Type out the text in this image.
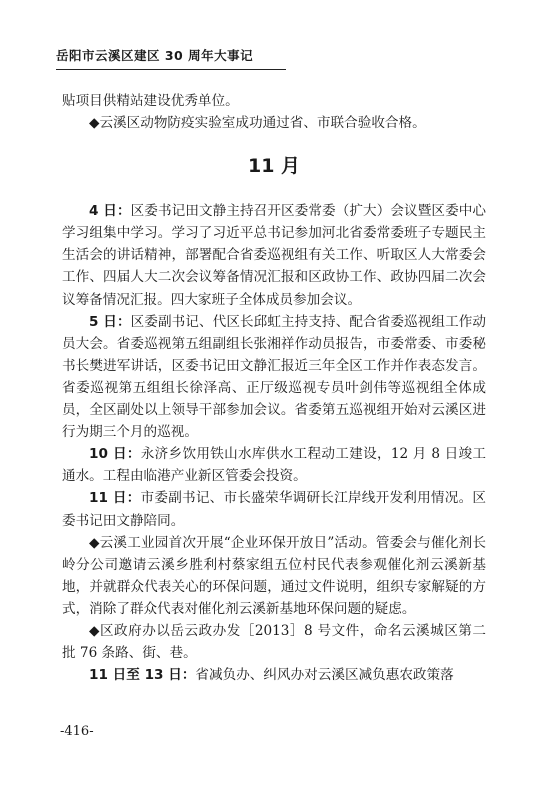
岳阳市云溪区建区 30 周年大事记

贴项目供精站建设优秀单位。

◆云溪区动物防疫实验室成功通过省、市联合验收合格。

11 月

4 日：区委书记田文静主持召开区委常委（扩大）会议暨区委中心学习组集中学习。学习了习近平总书记参加河北省委常委班子专题民主生活会的讲话精神，部署配合省委巡视组有关工作、听取区人大常委会工作、四届人大二次会议筹备情况汇报和区政协工作、政协四届二次会议筹备情况汇报。四大家班子全体成员参加会议。

5 日：区委副书记、代区长邱虹主持支持、配合省委巡视组工作动员大会。省委巡视第五组副组长张湘祥作动员报告，市委常委、市委秘书长樊进军讲话，区委书记田文静汇报近三年全区工作并作表态发言。省委巡视第五组组长徐泽高、正厅级巡视专员叶剑伟等巡视组全体成员，全区副处以上领导干部参加会议。省委第五巡视组开始对云溪区进行为期三个月的巡视。

10 日：永济乡饮用铁山水库供水工程动工建设，12 月 8 日竣工通水。工程由临港产业新区管委会投资。

11 日：市委副书记、市长盛荣华调研长江岸线开发利用情况。区委书记田文静陪同。

◆云溪工业园首次开展“企业环保开放日”活动。管委会与催化剂长岭分公司邀请云溪乡胜利村蔡家组五位村民代表参观催化剂云溪新基地，并就群众代表关心的环保问题，通过文件说明，组织专家解疑的方式，消除了群众代表对催化剂云溪新基地环保问题的疑虑。

◆区政府办以岳云政办发［2013］8 号文件，命名云溪城区第二批 76 条路、街、巷。

11 日至 13 日：省减负办、纠风办对云溪区减负惠农政策落

-416-
